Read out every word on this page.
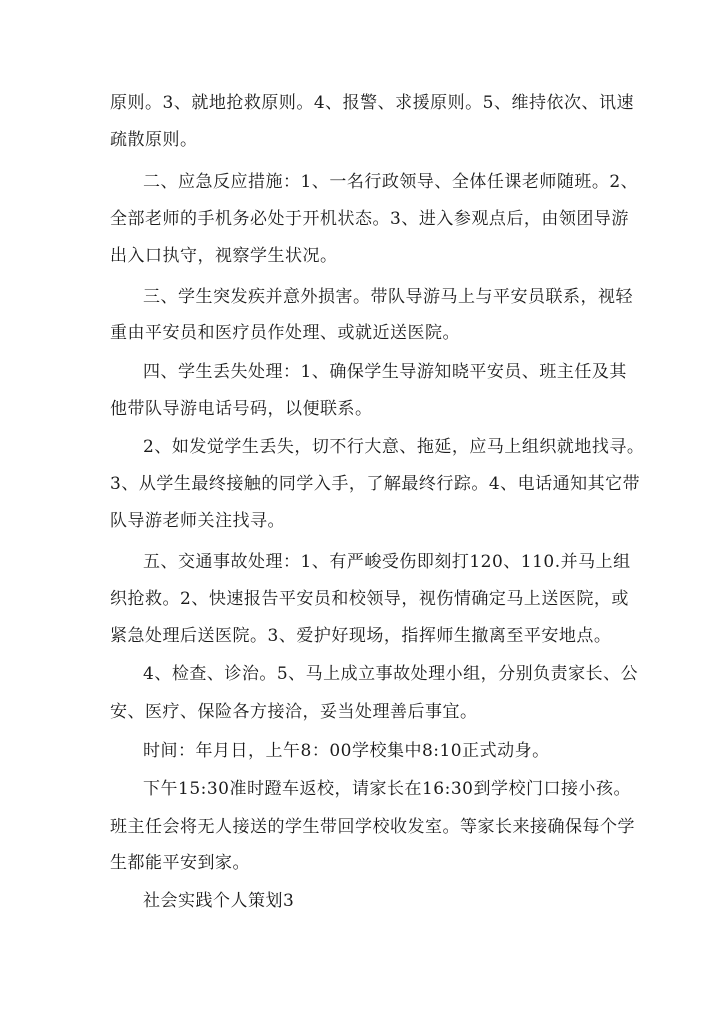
原则。3、就地抢救原则。4、报警、求援原则。5、维持依次、讯速
疏散原则。
二、应急反应措施：1、一名行政领导、全体任课老师随班。2、
全部老师的手机务必处于开机状态。3、进入参观点后，由领团导游
出入口执守，视察学生状况。
三、学生突发疾并意外损害。带队导游马上与平安员联系，视轻
重由平安员和医疗员作处理、或就近送医院。
四、学生丢失处理：1、确保学生导游知晓平安员、班主任及其
他带队导游电话号码，以便联系。
2、如发觉学生丢失，切不行大意、拖延，应马上组织就地找寻。
3、从学生最终接触的同学入手，了解最终行踪。4、电话通知其它带
队导游老师关注找寻。
五、交通事故处理：1、有严峻受伤即刻打120、110.并马上组
织抢救。2、快速报告平安员和校领导，视伤情确定马上送医院，或
紧急处理后送医院。3、爱护好现场，指挥师生撤离至平安地点。
4、检查、诊治。5、马上成立事故处理小组，分别负责家长、公
安、医疗、保险各方接洽，妥当处理善后事宜。
时间：年月日，上午8：00学校集中8:10正式动身。
下午15:30准时蹬车返校，请家长在16:30到学校门口接小孩。
班主任会将无人接送的学生带回学校收发室。等家长来接确保每个学
生都能平安到家。
社会实践个人策划3
